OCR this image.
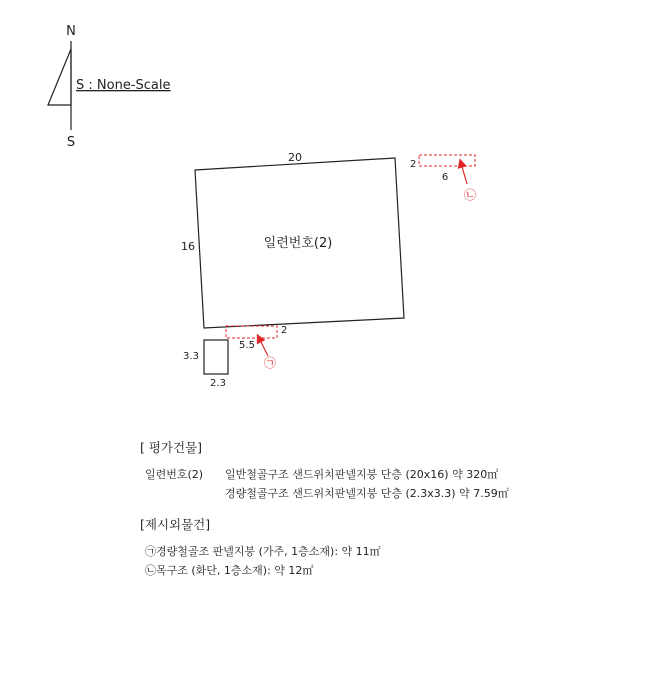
N
S
S : None-Scale
20
16	일련번호(2)
3.3
2.3
2
5.5
㉠
2
6
㉡
[ 평가건물]
일련번호(2) 일반철골구조 샌드위치판넬지붕 단층 (20x16) 약 320㎡
경량철골구조 샌드위치판넬지붕 단층 (2.3x3.3) 약 7.59㎡
[제시외물건]
㉠경량철골조 판넬지붕 (가주, 1층소재): 약 11㎡
㉡목구조 (화단, 1층소재): 약 12㎡
